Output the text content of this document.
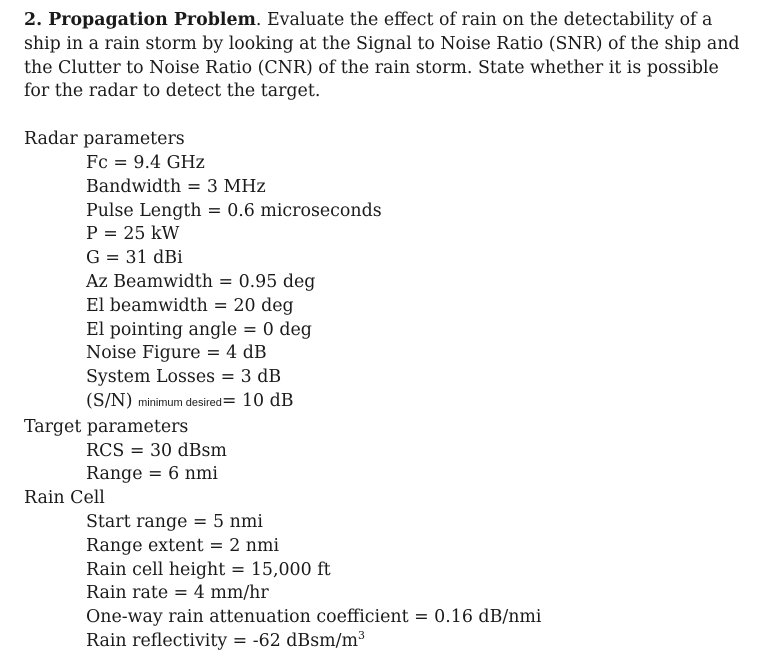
2. Propagation Problem. Evaluate the effect of rain on the detectability of a ship in a rain storm by looking at the Signal to Noise Ratio (SNR) of the ship and the Clutter to Noise Ratio (CNR) of the rain storm. State whether it is possible for the radar to detect the target.

Radar parameters

Fc = 9.4 GHz

Bandwidth = 3 MHz

Pulse Length = 0.6 microseconds

P = 25 kW

G = 31 dBi

Az Beamwidth = 0.95 deg

El beamwidth = 20 deg

El pointing angle = 0 deg

Noise Figure = 4 dB

System Losses = 3 dB

(S/N) minimum desired= 10 dB

Target parameters

RCS = 30 dBsm

Range = 6 nmi

Rain Cell

Start range = 5 nmi

Range extent = 2 nmi

Rain cell height = 15,000 ft

Rain rate = 4 mm/hr

One-way rain attenuation coefficient = 0.16 dB/nmi

Rain reflectivity = -62 dBsm/$m^3$
